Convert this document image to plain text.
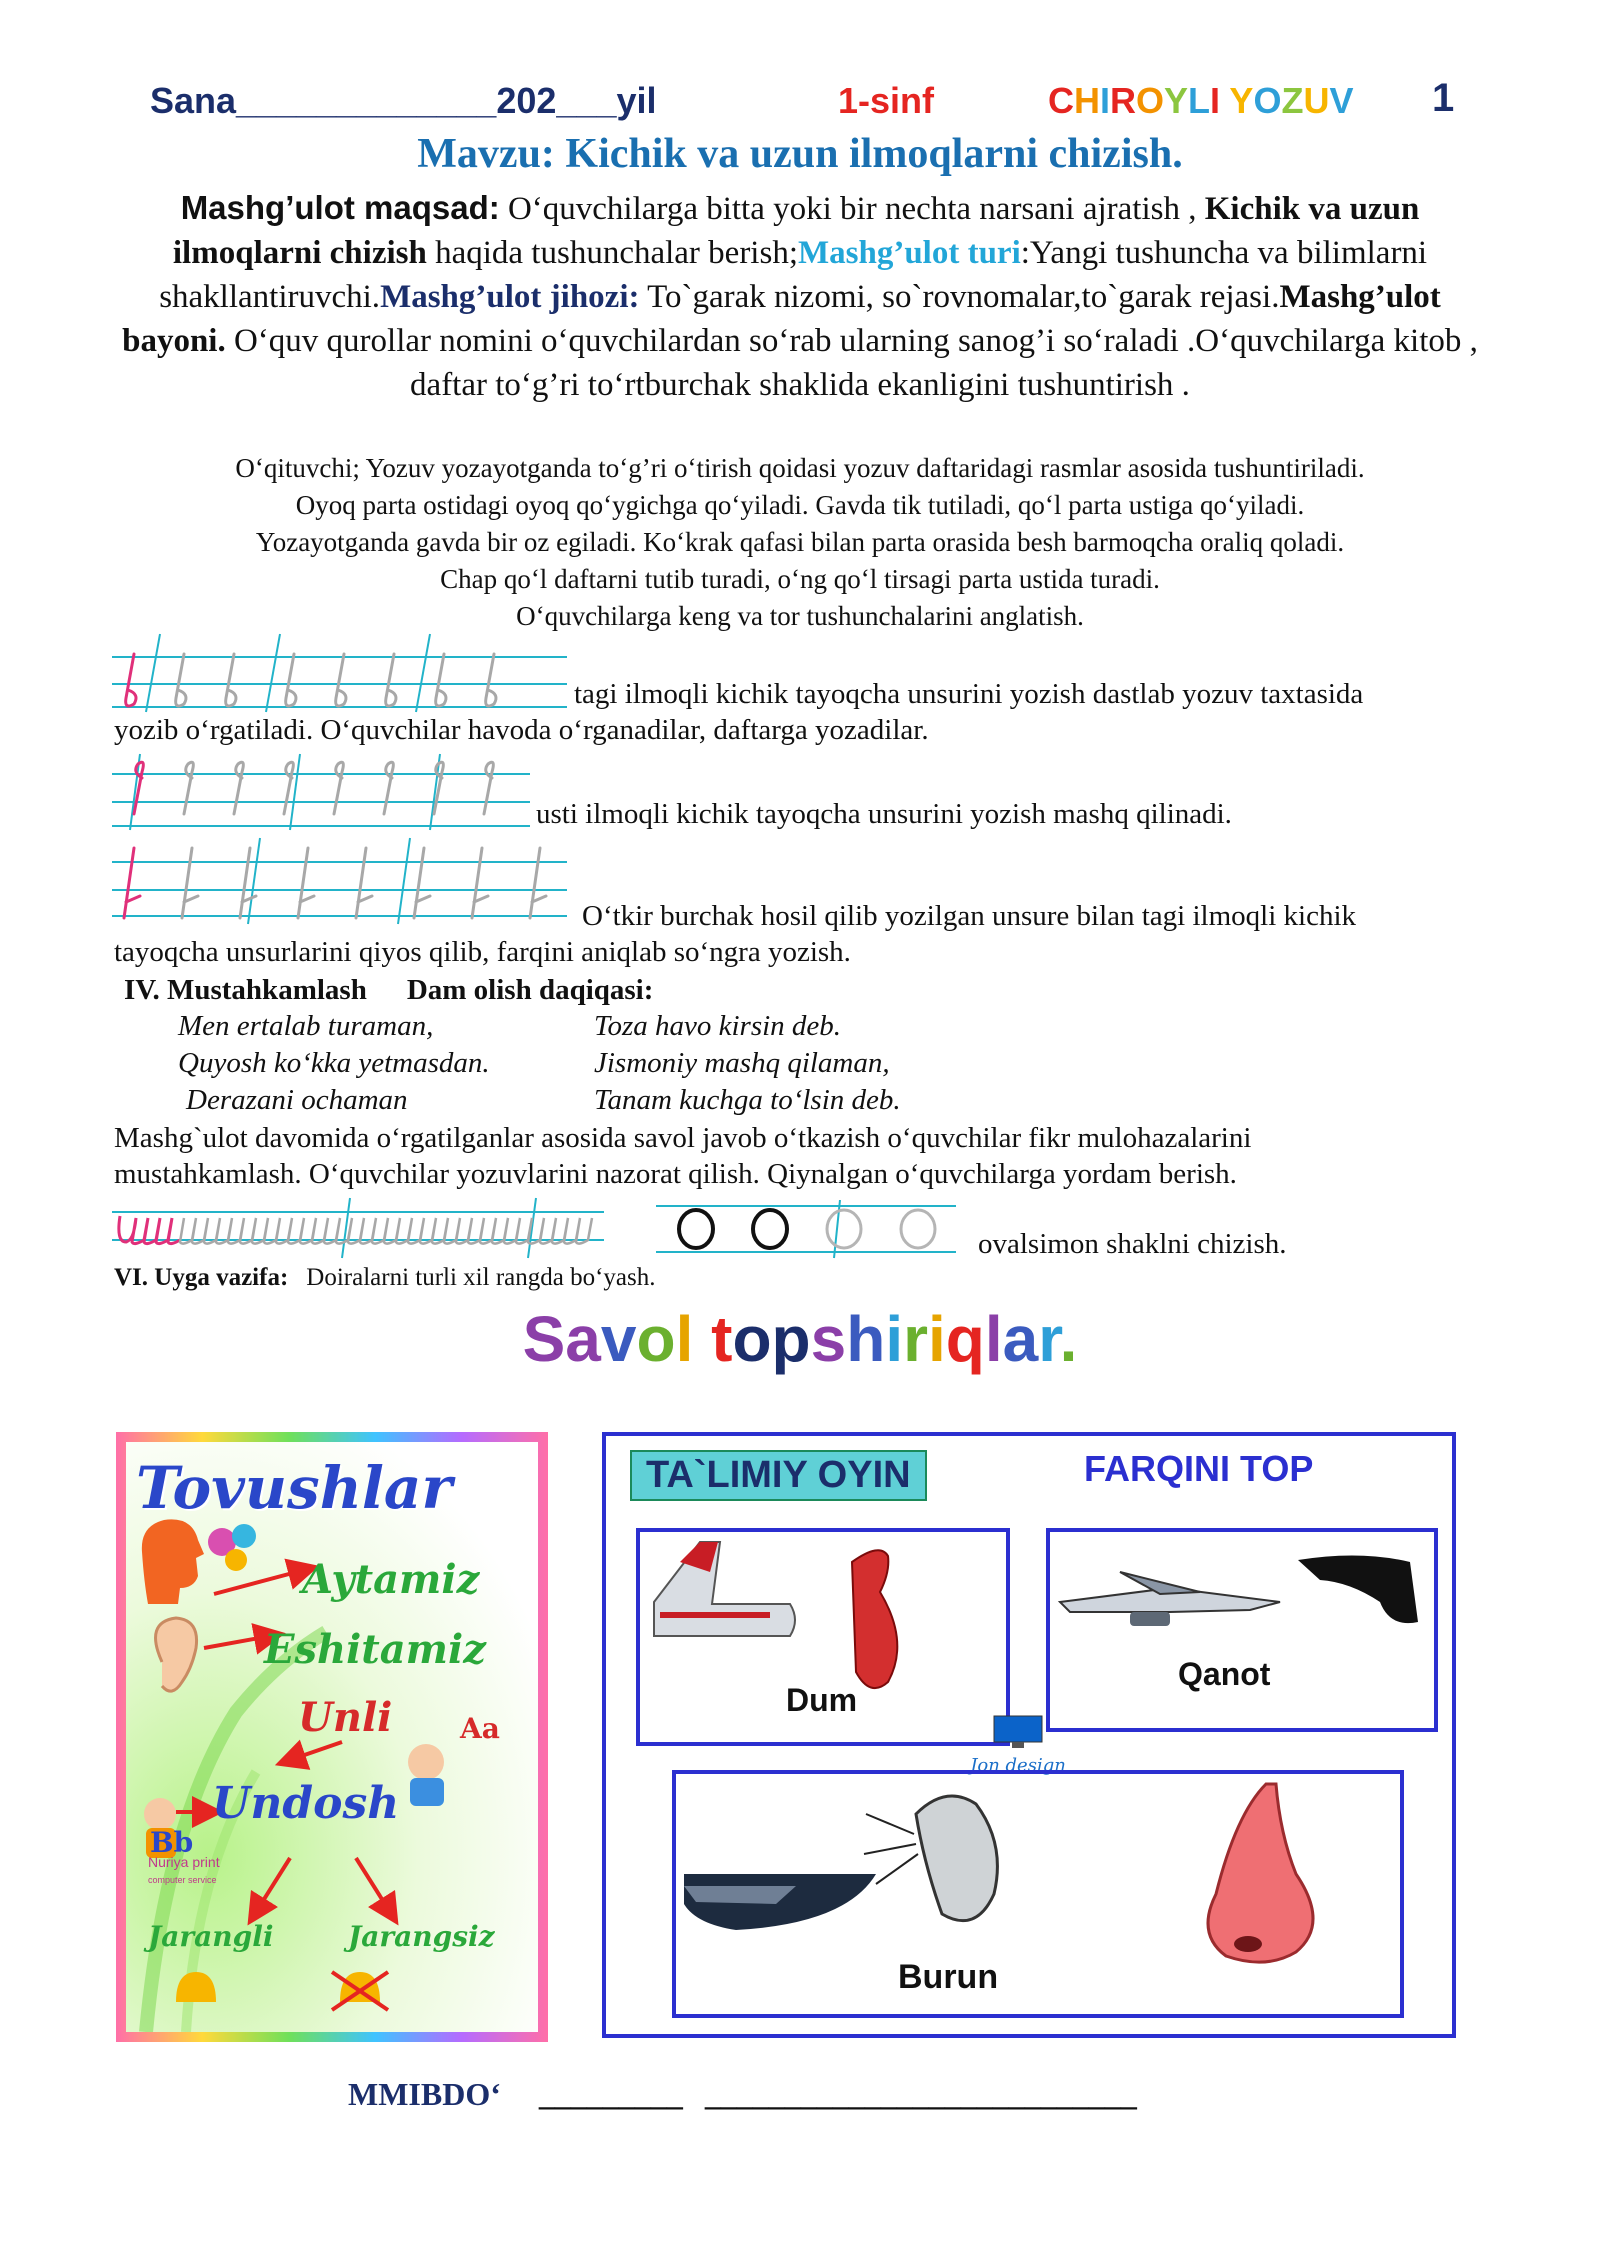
Sana_____________202___yil	1-sinf	CHIROYLI YOZUV 1
Mavzu: Kichik va uzun ilmoqlarni chizish.
Mashg’ulot maqsad: O‘quvchilarga bitta yoki bir nechta narsani ajratish , Kichik va uzun ilmoqlarni chizish haqida tushunchalar berish;Mashg’ulot turi:Yangi tushuncha va bilimlarni shakllantiruvchi.Mashg’ulot jihozi: To`garak nizomi, so`rovnomalar,to`garak rejasi.Mashg’ulot bayoni. O‘quv qurollar nomini o‘quvchilardan so‘rab ularning sanog’i so‘raladi .O‘quvchilarga kitob , daftar to‘g’ri to‘rtburchak shaklida ekanligini tushuntirish .
O‘qituvchi; Yozuv yozayotganda to‘g’ri o‘tirish qoidasi yozuv daftaridagi rasmlar asosida tushuntiriladi.
Oyoq parta ostidagi oyoq qo‘ygichga qo‘yiladi. Gavda tik tutiladi, qo‘l parta ustiga qo‘yiladi.
Yozayotganda gavda bir oz egiladi. Ko‘krak qafasi bilan parta orasida besh barmoqcha oraliq qoladi.
Chap qo‘l daftarni tutib turadi, o‘ng qo‘l tirsagi parta ustida turadi.
O‘quvchilarga keng va tor tushunchalarini anglatish.
tagi ilmoqli kichik tayoqcha unsurini yozish dastlab yozuv taxtasida
yozib o‘rgatiladi. O‘quvchilar havoda o‘rganadilar, daftarga yozadilar.
usti ilmoqli kichik tayoqcha unsurini yozish mashq qilinadi.
O‘tkir burchak hosil qilib yozilgan unsure bilan tagi ilmoqli kichik
tayoqcha unsurlarini qiyos qilib, farqini aniqlab so‘ngra yozish.
IV. Mustahkamlash Dam olish daqiqasi:
Men ertalab turaman,
Quyosh ko‘kka yetmasdan.
Derazani ochaman
Toza havo kirsin deb.
Jismoniy mashq qilaman,
Tanam kuchga to‘lsin deb.
Mashg`ulot davomida o‘rgatilganlar asosida savol javob o‘tkazish o‘quvchilar fikr mulohazalarini
mustahkamlash. O‘quvchilar yozuvlarini nazorat qilish. Qiynalgan o‘quvchilarga yordam berish.
ovalsimon shaklni chizish.
VI. Uyga vazifa: Doiralarni turli xil rangda bo‘yash.
Savol topshiriqlar.
Tovushlar
Aytamiz
Eshitamiz
Unli Aa
Undosh
Bb
Nuriya print
computer service
Jarangli	Jarangsiz
TA`LIMIY OYIN	FARQINI TOP
Dum
Qanot
Jon design
Burun
MMIBDO‘ _________ ___________________________
